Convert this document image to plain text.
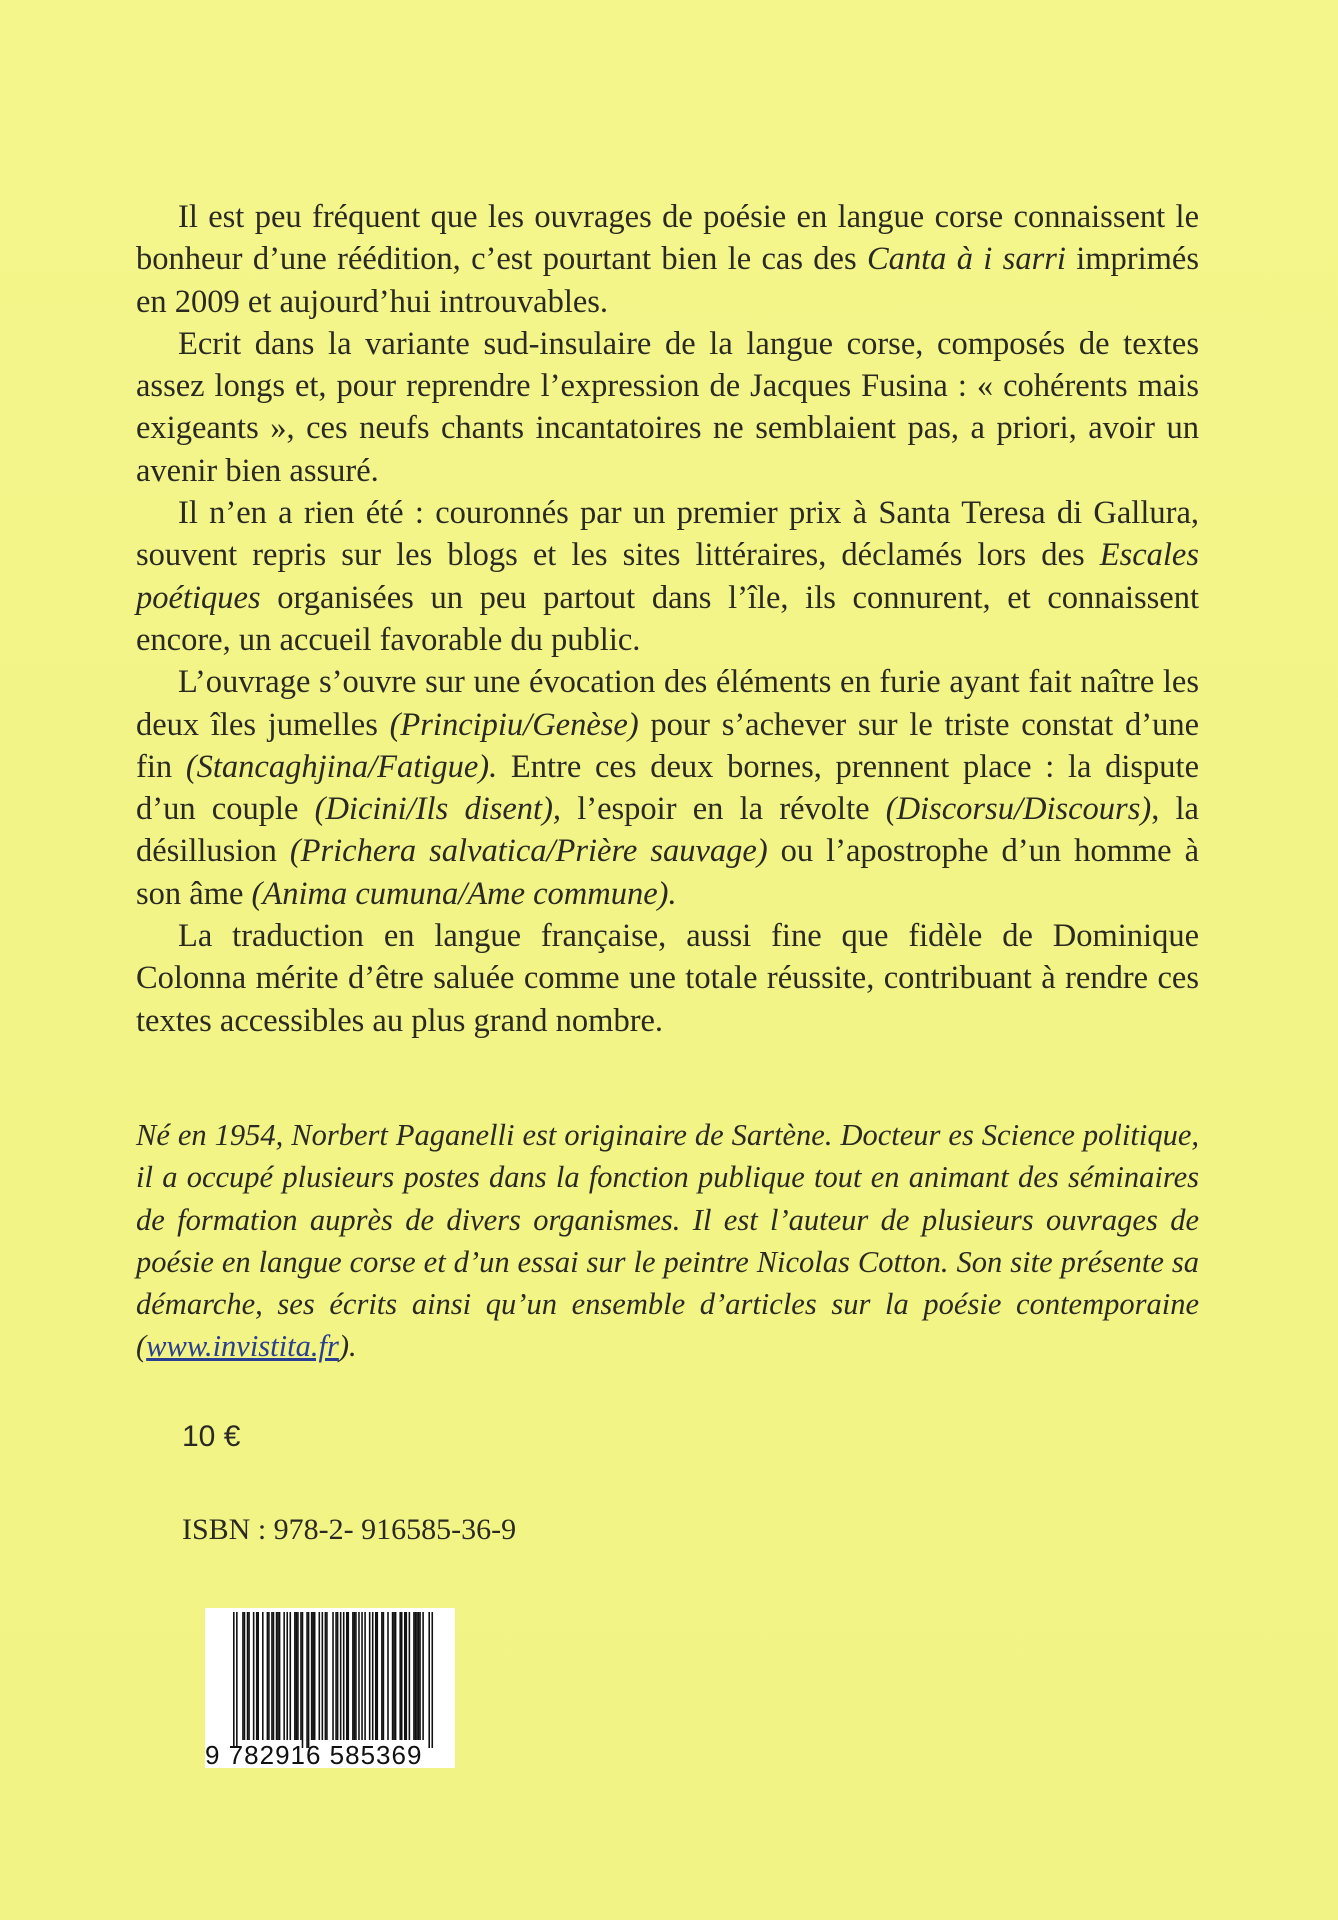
Il est peu fréquent que les ouvrages de poésie en langue corse connaissent le bonheur d’une réédition, c’est pourtant bien le cas des Canta à i sarri imprimés en 2009 et aujourd’hui introuvables.

Ecrit dans la variante sud-insulaire de la langue corse, composés de textes assez longs et, pour reprendre l’expression de Jacques Fusina : « cohérents mais exigeants », ces neufs chants incantatoires ne semblaient pas, a priori, avoir un avenir bien assuré.

Il n’en a rien été : couronnés par un premier prix à Santa Teresa di Gallura, souvent repris sur les blogs et les sites littéraires, déclamés lors des Escales poétiques organisées un peu partout dans l’île, ils connurent, et connaissent encore, un accueil favorable du public.

L’ouvrage s’ouvre sur une évocation des éléments en furie ayant fait naître les deux îles jumelles (Principiu/Genèse) pour s’achever sur le triste constat d’une fin (Stancaghjina/Fatigue). Entre ces deux bornes, prennent place : la dispute d’un couple (Dicini/Ils disent), l’espoir en la révolte (Discorsu/Discours), la désillusion (Prichera salvatica/Prière sauvage) ou l’apostrophe d’un homme à son âme (Anima cumuna/Ame commune).

La traduction en langue française, aussi fine que fidèle de Dominique Colonna mérite d’être saluée comme une totale réussite, contribuant à rendre ces textes accessibles au plus grand nombre.

Né en 1954, Norbert Paganelli est originaire de Sartène. Docteur es Science politique, il a occupé plusieurs postes dans la fonction publique tout en animant des séminaires de formation auprès de divers organismes. Il est l’auteur de plusieurs ouvrages de poésie en langue corse et d’un essai sur le peintre Nicolas Cotton. Son site présente sa démarche, ses écrits ainsi qu’un ensemble d’articles sur la poésie contemporaine (www.invistita.fr).
10 €
ISBN : 978-2- 916585-36-9
9 782916 585369
